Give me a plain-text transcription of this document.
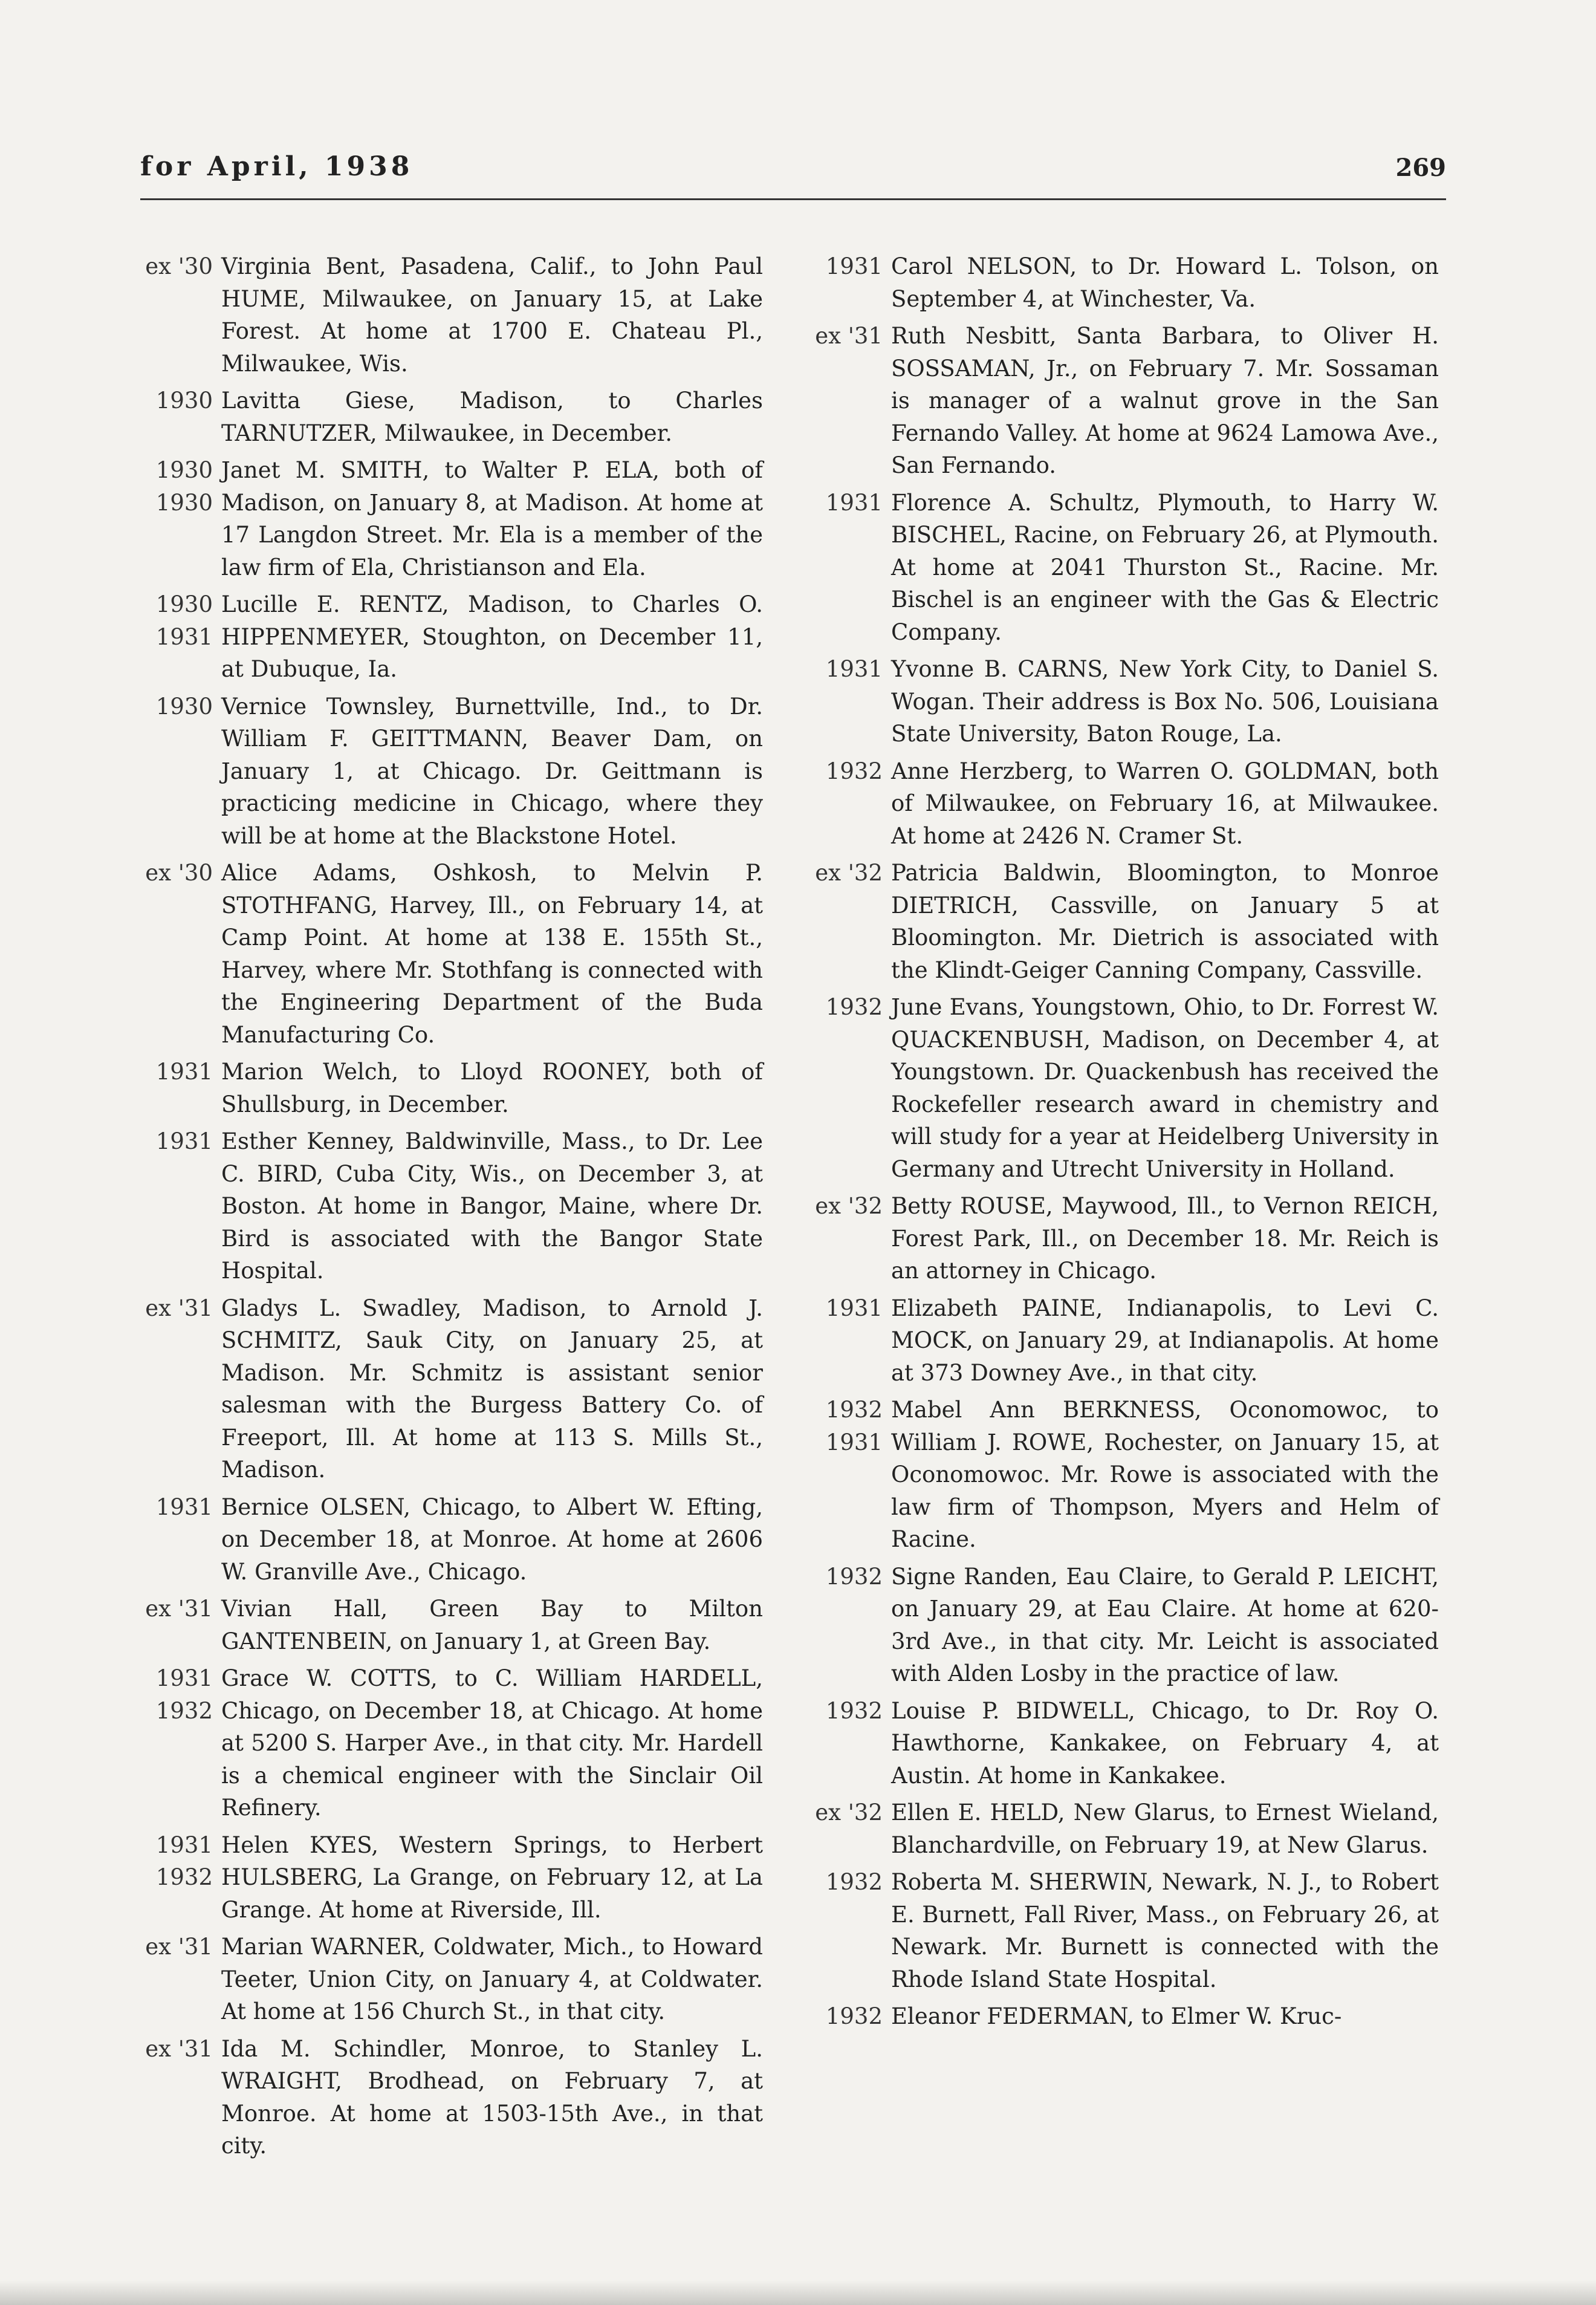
for April, 1938	269
ex '30 Virginia Bent, Pasadena, Calif., to John Paul HUME, Milwaukee, on January 15, at Lake Forest. At home at 1700 E. Chateau Pl., Milwaukee, Wis.
1930 Lavitta Giese, Madison, to Charles TARNUTZER, Milwaukee, in December.
1930
1930
Janet M. SMITH, to Walter P. ELA, both of Madison, on January 8, at Madison. At home at 17 Langdon Street. Mr. Ela is a member of the law firm of Ela, Christianson and Ela.
1930
1931
Lucille E. RENTZ, Madison, to Charles O. HIPPENMEYER, Stoughton, on December 11, at Dubuque, Ia.
1930 Vernice Townsley, Burnettville, Ind., to Dr. William F. GEITTMANN, Beaver Dam, on January 1, at Chicago. Dr. Geittmann is practicing medicine in Chicago, where they will be at home at the Blackstone Hotel.
ex '30 Alice Adams, Oshkosh, to Melvin P. STOTHFANG, Harvey, Ill., on February 14, at Camp Point. At home at 138 E. 155th St., Harvey, where Mr. Stothfang is connected with the Engineering Department of the Buda Manufacturing Co.
1931 Marion Welch, to Lloyd ROONEY, both of Shullsburg, in December.
1931 Esther Kenney, Baldwinville, Mass., to Dr. Lee C. BIRD, Cuba City, Wis., on December 3, at Boston. At home in Bangor, Maine, where Dr. Bird is associated with the Bangor State Hospital.
ex '31 Gladys L. Swadley, Madison, to Arnold J. SCHMITZ, Sauk City, on January 25, at Madison. Mr. Schmitz is assistant senior salesman with the Burgess Battery Co. of Freeport, Ill. At home at 113 S. Mills St., Madison.
1931 Bernice OLSEN, Chicago, to Albert W. Efting, on December 18, at Monroe. At home at 2606 W. Granville Ave., Chicago.
ex '31 Vivian Hall, Green Bay to Milton GANTENBEIN, on January 1, at Green Bay.
1931
1932
Grace W. COTTS, to C. William HARDELL, Chicago, on December 18, at Chicago. At home at 5200 S. Harper Ave., in that city. Mr. Hardell is a chemical engineer with the Sinclair Oil Refinery.
1931
1932
Helen KYES, Western Springs, to Herbert HULSBERG, La Grange, on February 12, at La Grange. At home at Riverside, Ill.
ex '31 Marian WARNER, Coldwater, Mich., to Howard Teeter, Union City, on January 4, at Coldwater. At home at 156 Church St., in that city.
ex '31 Ida M. Schindler, Monroe, to Stanley L. WRAIGHT, Brodhead, on February 7, at Monroe. At home at 1503-15th Ave., in that city.
1931 Carol NELSON, to Dr. Howard L. Tolson, on September 4, at Winchester, Va.
ex '31 Ruth Nesbitt, Santa Barbara, to Oliver H. SOSSAMAN, Jr., on February 7. Mr. Sossaman is manager of a walnut grove in the San Fernando Valley. At home at 9624 Lamowa Ave., San Fernando.
1931 Florence A. Schultz, Plymouth, to Harry W. BISCHEL, Racine, on February 26, at Plymouth. At home at 2041 Thurston St., Racine. Mr. Bischel is an engineer with the Gas & Electric Company.
1931 Yvonne B. CARNS, New York City, to Daniel S. Wogan. Their address is Box No. 506, Louisiana State University, Baton Rouge, La.
1932 Anne Herzberg, to Warren O. GOLDMAN, both of Milwaukee, on February 16, at Milwaukee. At home at 2426 N. Cramer St.
ex '32 Patricia Baldwin, Bloomington, to Monroe DIETRICH, Cassville, on January 5 at Bloomington. Mr. Dietrich is associated with the Klindt-Geiger Canning Company, Cassville.
1932 June Evans, Youngstown, Ohio, to Dr. Forrest W. QUACKENBUSH, Madison, on December 4, at Youngstown. Dr. Quackenbush has received the Rockefeller research award in chemistry and will study for a year at Heidelberg University in Germany and Utrecht University in Holland.
ex '32 Betty ROUSE, Maywood, Ill., to Vernon REICH, Forest Park, Ill., on December 18. Mr. Reich is an attorney in Chicago.
1931 Elizabeth PAINE, Indianapolis, to Levi C. MOCK, on January 29, at Indianapolis. At home at 373 Downey Ave., in that city.
1932
1931
Mabel Ann BERKNESS, Oconomowoc, to William J. ROWE, Rochester, on January 15, at Oconomowoc. Mr. Rowe is associated with the law firm of Thompson, Myers and Helm of Racine.
1932 Signe Randen, Eau Claire, to Gerald P. LEICHT, on January 29, at Eau Claire. At home at 620-3rd Ave., in that city. Mr. Leicht is associated with Alden Losby in the practice of law.
1932 Louise P. BIDWELL, Chicago, to Dr. Roy O. Hawthorne, Kankakee, on February 4, at Austin. At home in Kankakee.
ex '32 Ellen E. HELD, New Glarus, to Ernest Wieland, Blanchardville, on February 19, at New Glarus.
1932 Roberta M. SHERWIN, Newark, N. J., to Robert E. Burnett, Fall River, Mass., on February 26, at Newark. Mr. Burnett is connected with the Rhode Island State Hospital.
1932 Eleanor FEDERMAN, to Elmer W. Kruc-
